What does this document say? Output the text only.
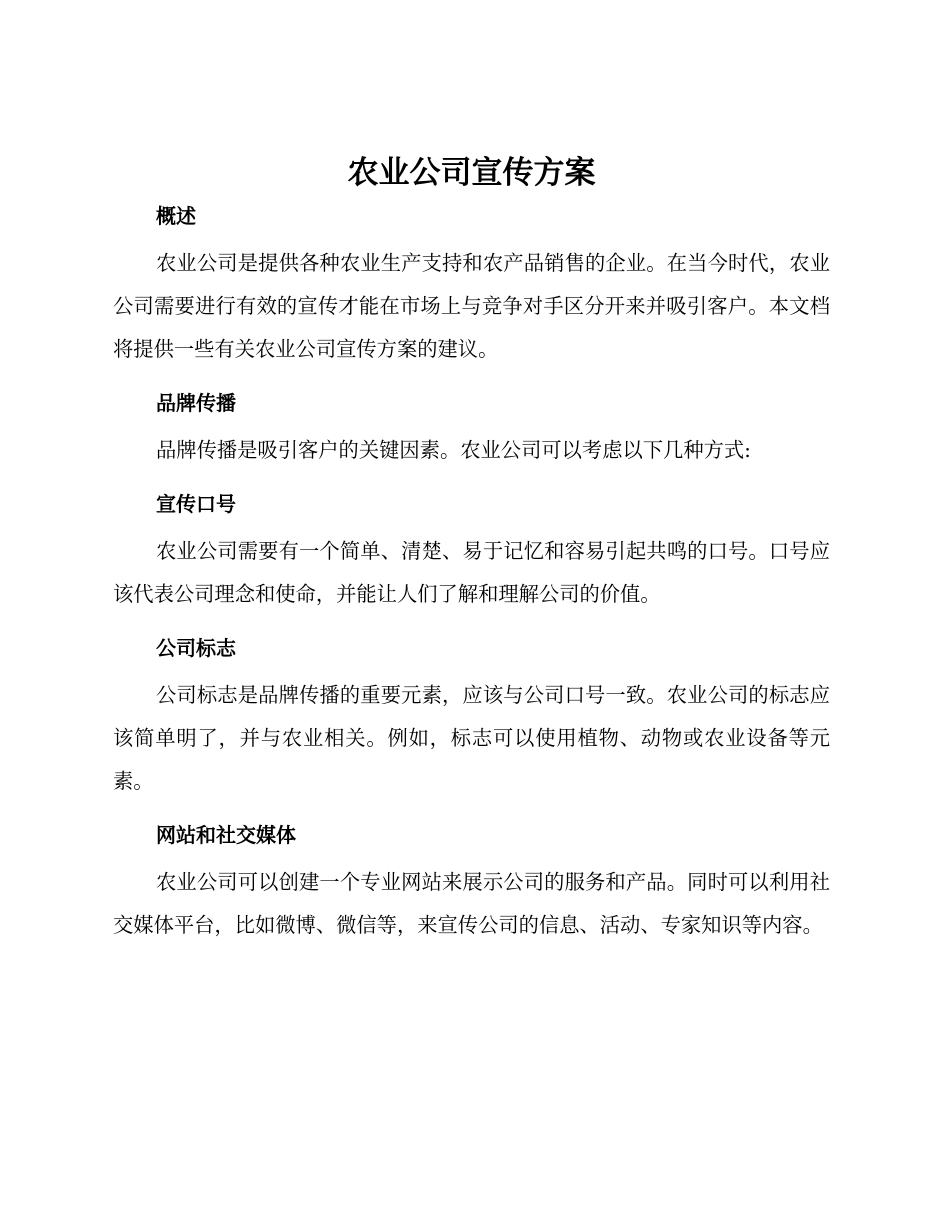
农业公司宣传方案
概述

农业公司是提供各种农业生产支持和农产品销售的企业。在当今时代，农业公司需要进行有效的宣传才能在市场上与竞争对手区分开来并吸引客户。本文档将提供一些有关农业公司宣传方案的建议。

品牌传播

品牌传播是吸引客户的关键因素。农业公司可以考虑以下几种方式:

宣传口号

农业公司需要有一个简单、清楚、易于记忆和容易引起共鸣的口号。口号应该代表公司理念和使命，并能让人们了解和理解公司的价值。

公司标志

公司标志是品牌传播的重要元素，应该与公司口号一致。农业公司的标志应该简单明了，并与农业相关。例如，标志可以使用植物、动物或农业设备等元素。

网站和社交媒体

农业公司可以创建一个专业网站来展示公司的服务和产品。同时可以利用社交媒体平台，比如微博、微信等，来宣传公司的信息、活动、专家知识等内容。
